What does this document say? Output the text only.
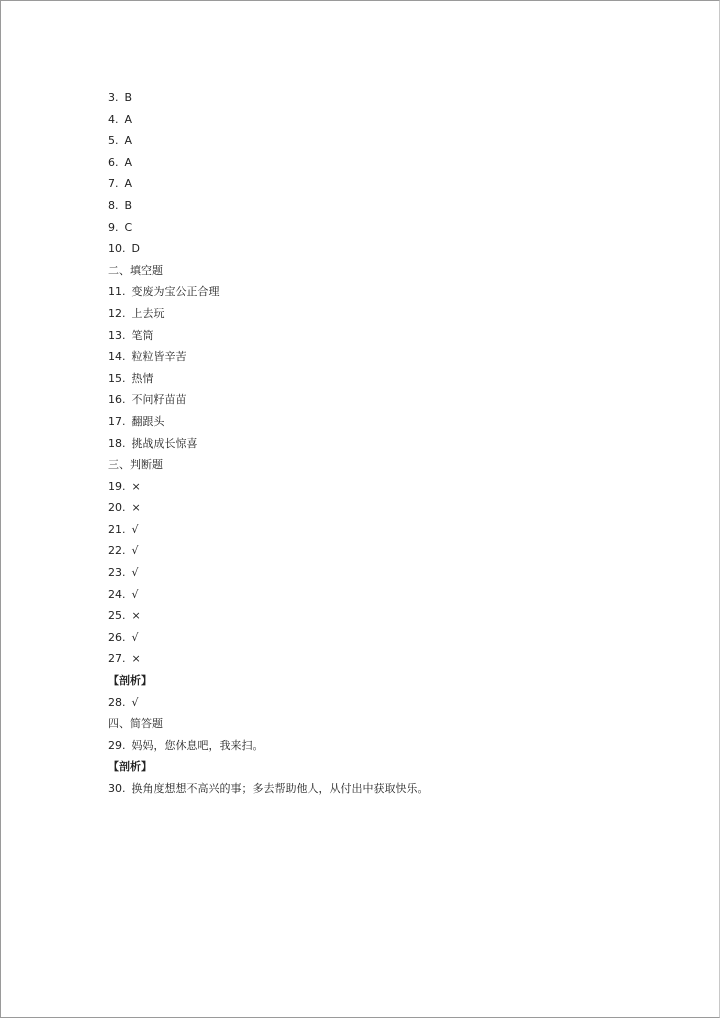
3. B
4. A
5. A
6. A
7. A
8. B
9. C
10. D
二、填空题
11. 变废为宝公正合理
12. 上去玩
13. 笔筒
14. 粒粒皆辛苦
15. 热情
16. 不问籽苗苗
17. 翻跟头
18. 挑战成长惊喜
三、判断题
19. ×
20. ×
21. √
22. √
23. √
24. √
25. ×
26. √
27. ×
【剖析】
28. √
四、简答题
29. 妈妈，您休息吧，我来扫。
【剖析】
30. 换角度想想不高兴的事；多去帮助他人，从付出中获取快乐。
